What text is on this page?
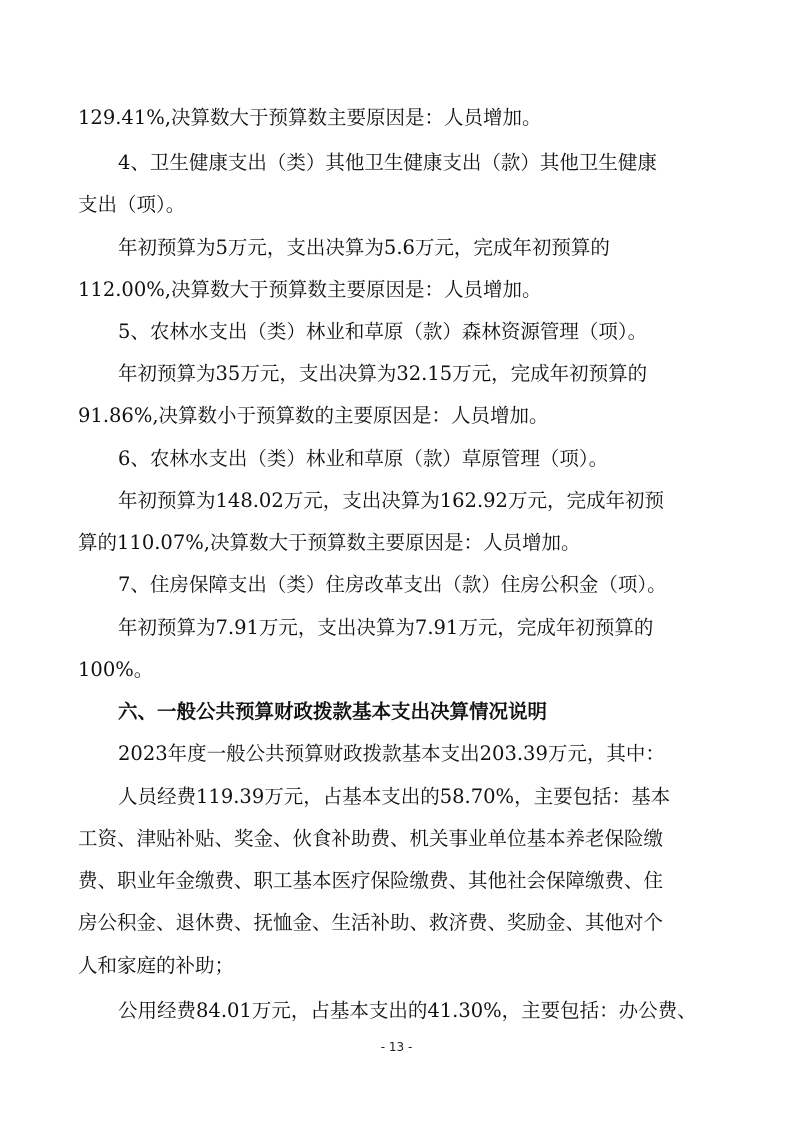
129.41%,决算数大于预算数主要原因是：人员增加。
4、卫生健康支出（类）其他卫生健康支出（款）其他卫生健康
支出（项）。
年初预算为5万元，支出决算为5.6万元，完成年初预算的
112.00%,决算数大于预算数主要原因是：人员增加。
5、农林水支出（类）林业和草原（款）森林资源管理（项）。
年初预算为35万元，支出决算为32.15万元，完成年初预算的
91.86%,决算数小于预算数的主要原因是：人员增加。
6、农林水支出（类）林业和草原（款）草原管理（项）。
年初预算为148.02万元，支出决算为162.92万元，完成年初预
算的110.07%,决算数大于预算数主要原因是：人员增加。
7、住房保障支出（类）住房改革支出（款）住房公积金（项）。
年初预算为7.91万元，支出决算为7.91万元，完成年初预算的
100%。
六、一般公共预算财政拨款基本支出决算情况说明
2023年度一般公共预算财政拨款基本支出203.39万元，其中：
人员经费119.39万元，占基本支出的58.70%，主要包括：基本
工资、津贴补贴、奖金、伙食补助费、机关事业单位基本养老保险缴
费、职业年金缴费、职工基本医疗保险缴费、其他社会保障缴费、住
房公积金、退休费、抚恤金、生活补助、救济费、奖励金、其他对个
人和家庭的补助；
公用经费84.01万元，占基本支出的41.30%，主要包括：办公费、
- 13 -
